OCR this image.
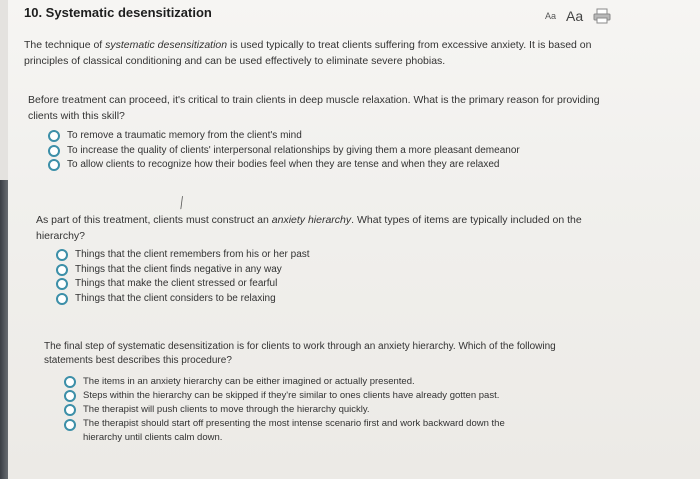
10. Systematic desensitization	Aa Aa
The technique of systematic desensitization is used typically to treat clients suffering from excessive anxiety. It is based on principles of classical conditioning and can be used effectively to eliminate severe phobias.
Before treatment can proceed, it's critical to train clients in deep muscle relaxation. What is the primary reason for providing clients with this skill?
To remove a traumatic memory from the client's mind
To increase the quality of clients' interpersonal relationships by giving them a more pleasant demeanor
To allow clients to recognize how their bodies feel when they are tense and when they are relaxed
╱
As part of this treatment, clients must construct an anxiety hierarchy. What types of items are typically included on the hierarchy?
Things that the client remembers from his or her past
Things that the client finds negative in any way
Things that make the client stressed or fearful
Things that the client considers to be relaxing
The final step of systematic desensitization is for clients to work through an anxiety hierarchy. Which of the following statements best describes this procedure?
The items in an anxiety hierarchy can be either imagined or actually presented.
Steps within the hierarchy can be skipped if they're similar to ones clients have already gotten past.
The therapist will push clients to move through the hierarchy quickly.
The therapist should start off presenting the most intense scenario first and work backward down the hierarchy until clients calm down.
